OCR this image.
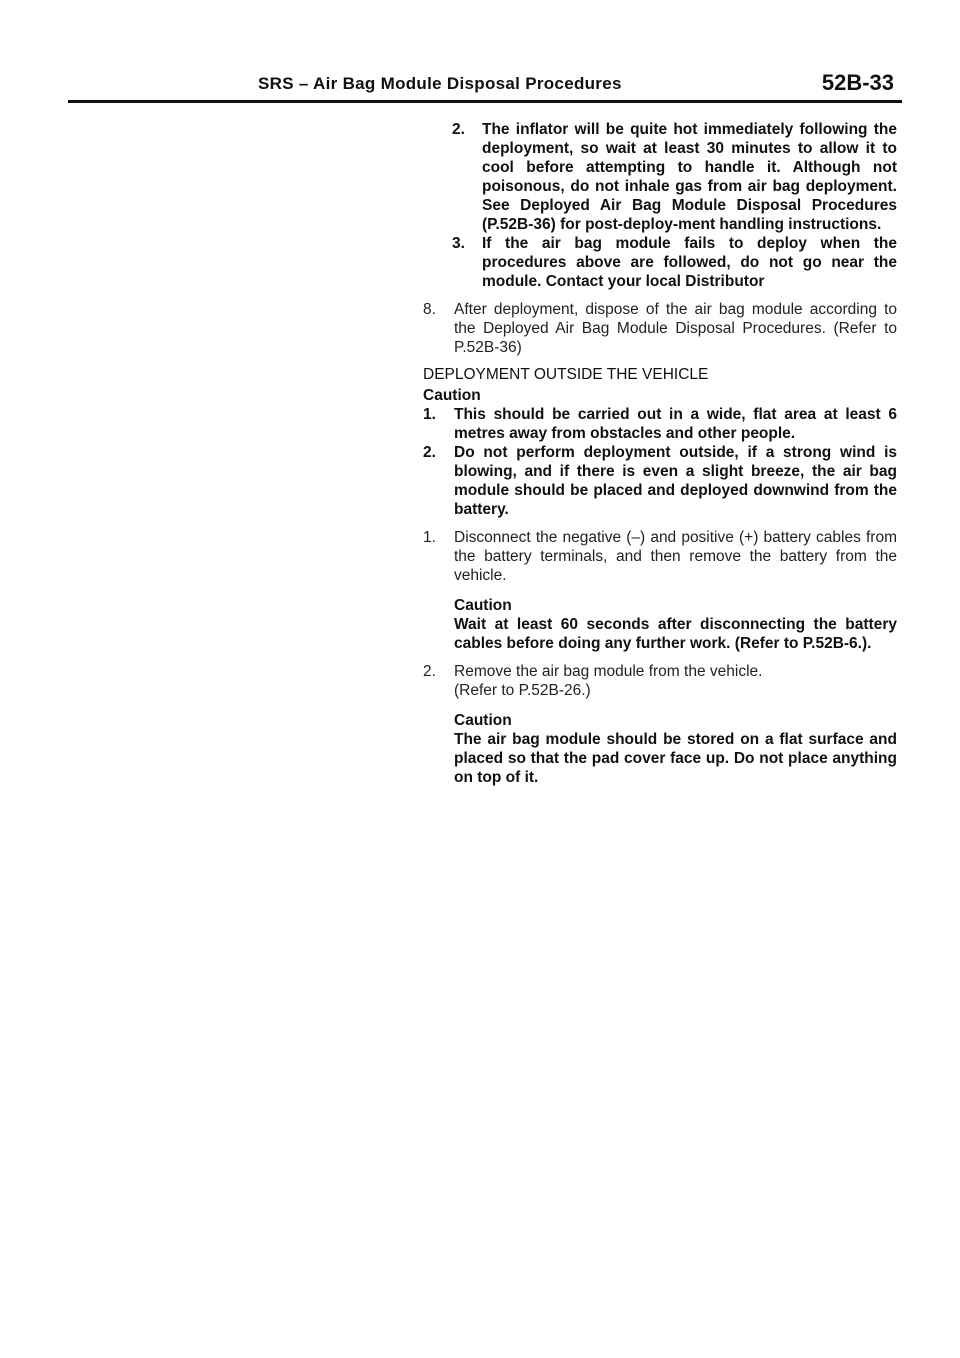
SRS – Air Bag Module Disposal Procedures	52B-33
2. The inflator will be quite hot immediately following the deployment, so wait at least 30 minutes to allow it to cool before attempting to handle it. Although not poisonous, do not inhale gas from air bag deployment. See Deployed Air Bag Module Disposal Procedures (P.52B-36) for post-deploy-ment handling instructions.
3. If the air bag module fails to deploy when the procedures above are followed, do not go near the module. Contact your local Distributor
8. After deployment, dispose of the air bag module according to the Deployed Air Bag Module Disposal Procedures. (Refer to P.52B-36)
DEPLOYMENT OUTSIDE THE VEHICLE
Caution
1. This should be carried out in a wide, flat area at least 6 metres away from obstacles and other people.
2. Do not perform deployment outside, if a strong wind is blowing, and if there is even a slight breeze, the air bag module should be placed and deployed downwind from the battery.
1. Disconnect the negative (–) and positive (+) battery cables from the battery terminals, and then remove the battery from the vehicle.
Caution
Wait at least 60 seconds after disconnecting the battery cables before doing any further work. (Refer to P.52B-6.).
2. Remove the air bag module from the vehicle.
(Refer to P.52B-26.)
Caution
The air bag module should be stored on a flat surface and placed so that the pad cover face up. Do not place anything on top of it.
